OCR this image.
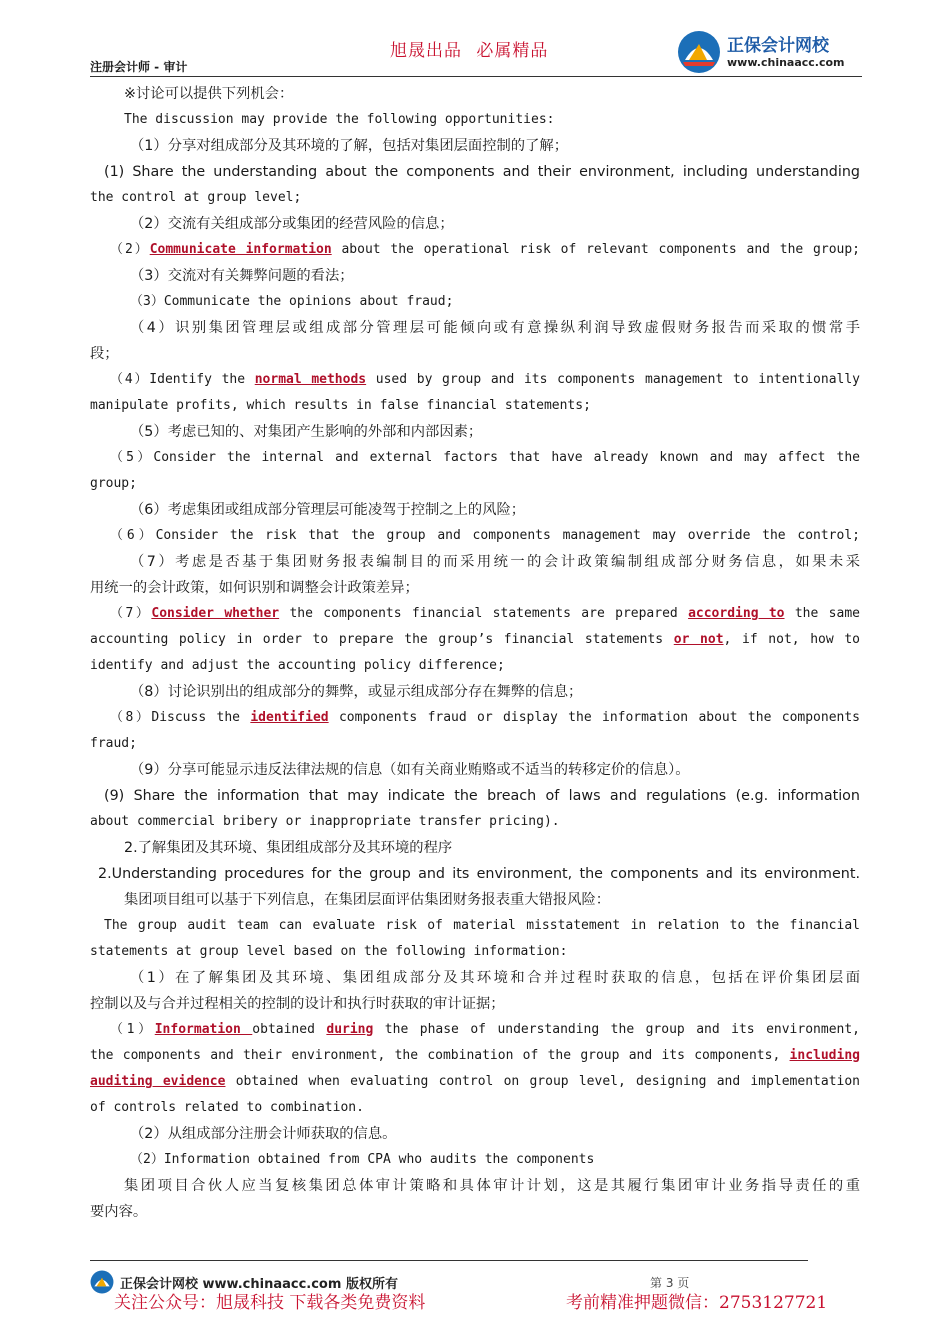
注册会计师 - 审计
旭晟出品 必属精品	正保会计网校
www.chinaacc.com
※讨论可以提供下列机会：
The discussion may provide the following opportunities:
（1）分享对组成部分及其环境的了解，包括对集团层面控制的了解；
(1) Share the understanding about the components and their environment, including understanding
the control at group level;
（2）交流有关组成部分或集团的经营风险的信息；
（2）Communicate information about the operational risk of relevant components and the group;
（3）交流对有关舞弊问题的看法；
（3）Communicate the opinions about fraud;
（4）识别集团管理层或组成部分管理层可能倾向或有意操纵利润导致虚假财务报告而采取的惯常手
段；
（4）Identify the normal methods used by group and its components management to intentionally
manipulate profits, which results in false financial statements;
（5）考虑已知的、对集团产生影响的外部和内部因素；
（5）Consider the internal and external factors that have already known and may affect the
group;
（6）考虑集团或组成部分管理层可能凌驾于控制之上的风险；
（6）Consider the risk that the group and components management may override the control;
（7）考虑是否基于集团财务报表编制目的而采用统一的会计政策编制组成部分财务信息，如果未采
用统一的会计政策，如何识别和调整会计政策差异；
（7）Consider whether the components financial statements are prepared according to the same
accounting policy in order to prepare the group’s financial statements or not, if not, how to
identify and adjust the accounting policy difference;
（8）讨论识别出的组成部分的舞弊，或显示组成部分存在舞弊的信息；
（8）Discuss the identified components fraud or display the information about the components
fraud;
（9）分享可能显示违反法律法规的信息（如有关商业贿赂或不适当的转移定价的信息）。
(9) Share the information that may indicate the breach of laws and regulations (e.g. information
about commercial bribery or inappropriate transfer pricing).
2.了解集团及其环境、集团组成部分及其环境的程序
2.Understanding procedures for the group and its environment, the components and its environment.
集团项目组可以基于下列信息，在集团层面评估集团财务报表重大错报风险：
The group audit team can evaluate risk of material misstatement in relation to the financial
statements at group level based on the following information:
（1）在了解集团及其环境、集团组成部分及其环境和合并过程时获取的信息，包括在评价集团层面
控制以及与合并过程相关的控制的设计和执行时获取的审计证据；
（1）Information obtained during the phase of understanding the group and its environment,
the components and their environment, the combination of the group and its components, including
auditing evidence obtained when evaluating control on group level, designing and implementation
of controls related to combination.
（2）从组成部分注册会计师获取的信息。
（2）Information obtained from CPA who audits the components
集团项目合伙人应当复核集团总体审计策略和具体审计计划，这是其履行集团审计业务指导责任的重
要内容。
正保会计网校 www.chinaacc.com 版权所有	第 3 页
关注公众号：旭晟科技 下载各类免费资料	考前精准押题微信：2753127721
